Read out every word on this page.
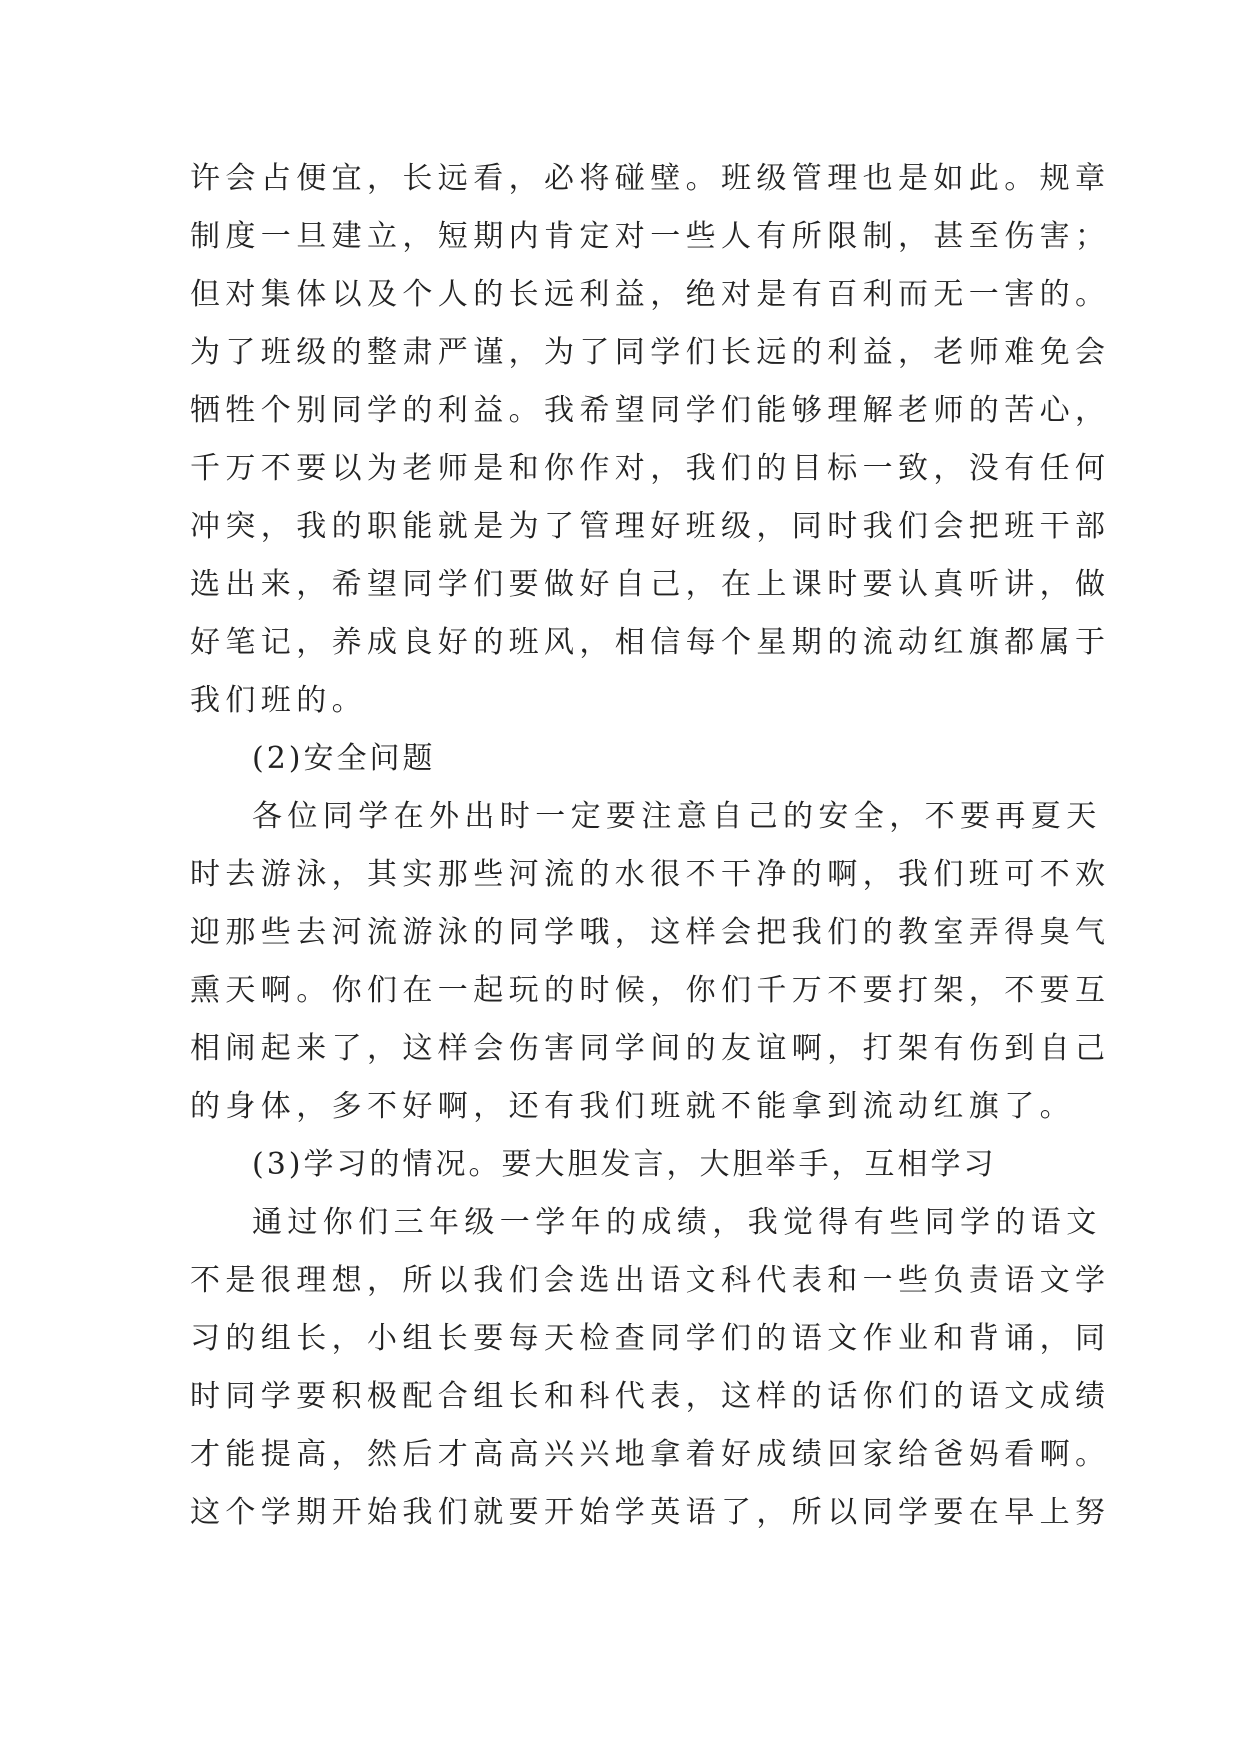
许会占便宜，长远看，必将碰壁。班级管理也是如此。规章
制度一旦建立，短期内肯定对一些人有所限制，甚至伤害；
但对集体以及个人的长远利益，绝对是有百利而无一害的。
为了班级的整肃严谨，为了同学们长远的利益，老师难免会
牺牲个别同学的利益。我希望同学们能够理解老师的苦心，
千万不要以为老师是和你作对，我们的目标一致，没有任何
冲突，我的职能就是为了管理好班级，同时我们会把班干部
选出来，希望同学们要做好自己，在上课时要认真听讲，做
好笔记，养成良好的班风，相信每个星期的流动红旗都属于
我们班的。
(2)安全问题
各位同学在外出时一定要注意自己的安全，不要再夏天
时去游泳，其实那些河流的水很不干净的啊，我们班可不欢
迎那些去河流游泳的同学哦，这样会把我们的教室弄得臭气
熏天啊。你们在一起玩的时候，你们千万不要打架，不要互
相闹起来了，这样会伤害同学间的友谊啊，打架有伤到自己
的身体，多不好啊，还有我们班就不能拿到流动红旗了。
(3)学习的情况。要大胆发言，大胆举手，互相学习
通过你们三年级一学年的成绩，我觉得有些同学的语文
不是很理想，所以我们会选出语文科代表和一些负责语文学
习的组长，小组长要每天检查同学们的语文作业和背诵，同
时同学要积极配合组长和科代表，这样的话你们的语文成绩
才能提高，然后才高高兴兴地拿着好成绩回家给爸妈看啊。
这个学期开始我们就要开始学英语了，所以同学要在早上努
